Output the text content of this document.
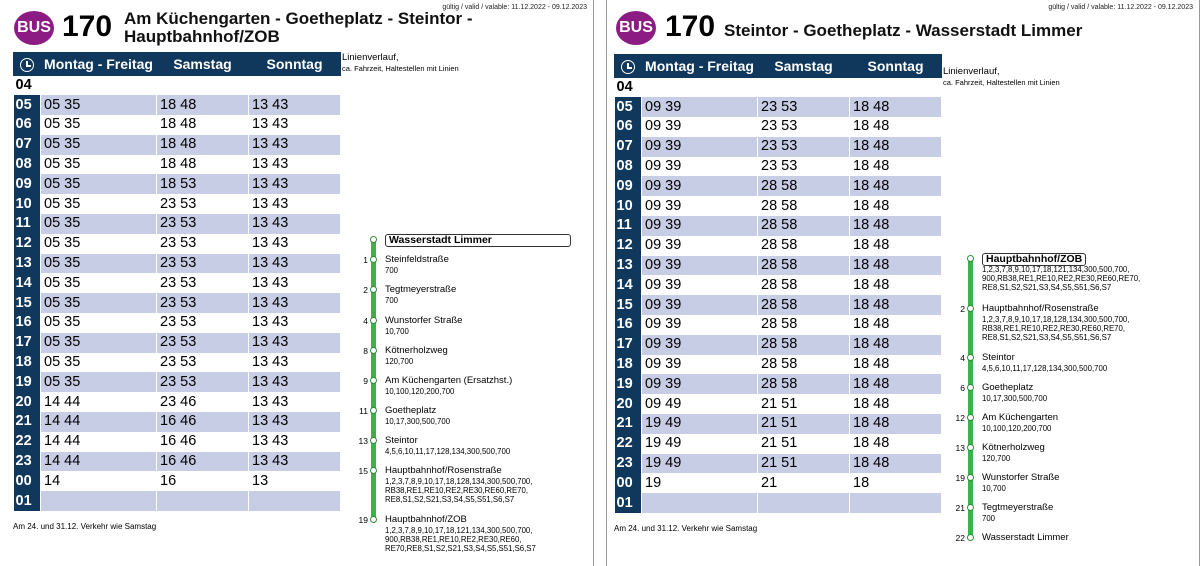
gültig / valid / valable: 11.12.2022 - 09.12.2023
BUS 170 Am Küchengarten - Goetheplatz - Steintor -
Hauptbahnhof/ZOB
	Montag - Freitag	Samstag	Sonntag
04			
05	05 35	18 48	13 43
06	05 35	18 48	13 43
07	05 35	18 48	13 43
08	05 35	18 48	13 43
09	05 35	18 53	13 43
10	05 35	23 53	13 43
11	05 35	23 53	13 43
12	05 35	23 53	13 43
13	05 35	23 53	13 43
14	05 35	23 53	13 43
15	05 35	23 53	13 43
16	05 35	23 53	13 43
17	05 35	23 53	13 43
18	05 35	23 53	13 43
19	05 35	23 53	13 43
20	14 44	23 46	13 43
21	14 44	16 46	13 43
22	14 44	16 46	13 43
23	14 44	16 46	13 43
00	14	16	13
01			
Linienverlauf,
ca. Fahrzeit, Haltestellen mit Linien
Wasserstadt Limmer
1 Steinfeldstraße
700
2 Tegtmeyerstraße
700
4 Wunstorfer Straße
10,700
8 Kötnerholzweg
120,700
9 Am Küchengarten (Ersatzhst.)
10,100,120,200,700
11 Goetheplatz
10,17,300,500,700
13 Steintor
4,5,6,10,11,17,128,134,300,500,700
15 Hauptbahnhof/Rosenstraße
1,2,3,7,8,9,10,17,18,128,134,300,500,700,
RB38,RE1,RE10,RE2,RE30,RE60,RE70,
RE8,S1,S2,S21,S3,S4,S5,S51,S6,S7
19 Hauptbahnhof/ZOB
1,2,3,7,8,9,10,17,18,121,134,300,500,700,
900,RB38,RE1,RE10,RE2,RE30,RE60,
RE70,RE8,S1,S2,S21,S3,S4,S5,S51,S6,S7
Am 24. und 31.12. Verkehr wie Samstag
gültig / valid / valable: 11.12.2022 - 09.12.2023
BUS 170 Steintor - Goetheplatz - Wasserstadt Limmer
	Montag - Freitag	Samstag	Sonntag
04			
05	09 39	23 53	18 48
06	09 39	23 53	18 48
07	09 39	23 53	18 48
08	09 39	23 53	18 48
09	09 39	28 58	18 48
10	09 39	28 58	18 48
11	09 39	28 58	18 48
12	09 39	28 58	18 48
13	09 39	28 58	18 48
14	09 39	28 58	18 48
15	09 39	28 58	18 48
16	09 39	28 58	18 48
17	09 39	28 58	18 48
18	09 39	28 58	18 48
19	09 39	28 58	18 48
20	09 49	21 51	18 48
21	19 49	21 51	18 48
22	19 49	21 51	18 48
23	19 49	21 51	18 48
00	19	21	18
01			
Linienverlauf,
ca. Fahrzeit, Haltestellen mit Linien
Hauptbahnhof/ZOB
1,2,3,7,8,9,10,17,18,121,134,300,500,700,
900,RB38,RE1,RE10,RE2,RE30,RE60,RE70,
RE8,S1,S2,S21,S3,S4,S5,S51,S6,S7
2 Hauptbahnhof/Rosenstraße
1,2,3,7,8,9,10,17,18,128,134,300,500,700,
RB38,RE1,RE10,RE2,RE30,RE60,RE70,
RE8,S1,S2,S21,S3,S4,S5,S51,S6,S7
4 Steintor
4,5,6,10,11,17,128,134,300,500,700
6 Goetheplatz
10,17,300,500,700
12 Am Küchengarten
10,100,120,200,700
13 Kötnerholzweg
120,700
19 Wunstorfer Straße
10,700
21 Tegtmeyerstraße
700
22 Wasserstadt Limmer
Am 24. und 31.12. Verkehr wie Samstag
